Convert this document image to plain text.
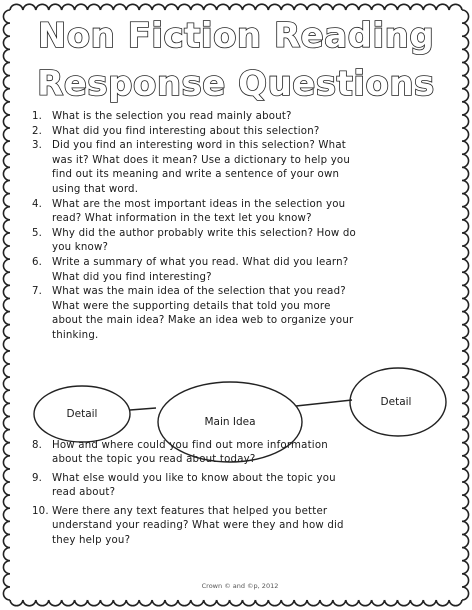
Non Fiction Reading
Response Questions
1. What is the selection you read mainly about?
2. What did you find interesting about this selection?
3. Did you find an interesting word in this selection? What
was it? What does it mean? Use a dictionary to help you
find out its meaning and write a sentence of your own
using that word.
4. What are the most important ideas in the selection you
read? What information in the text let you know?
5. Why did the author probably write this selection? How do
you know?
6. Write a summary of what you read. What did you learn?
What did you find interesting?
7. What was the main idea of the selection that you read?
What were the supporting details that told you more
about the main idea? Make an idea web to organize your
thinking.
8. How and where could you find out more information
about the topic you read about today?
9. What else would you like to know about the topic you
read about?
10. Were there any text features that helped you better
understand your reading? What were they and how did
they help you?
Detail
Main Idea
Detail
Crown © and ©p, 2012
